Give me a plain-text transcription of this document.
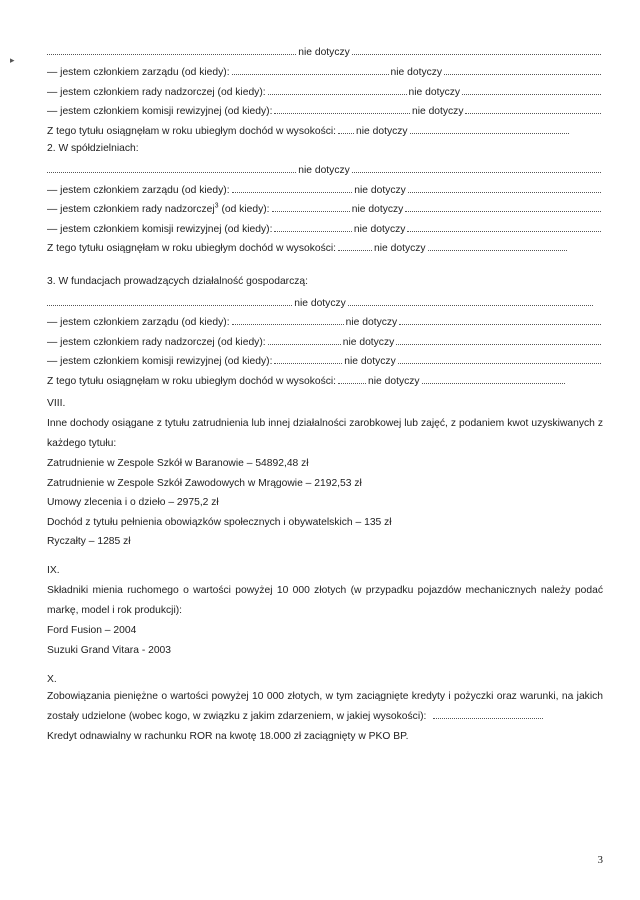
▸
nie dotyczy
— jestem członkiem zarządu (od kiedy):	nie dotyczy
— jestem członkiem rady nadzorczej (od kiedy):	nie dotyczy
— jestem członkiem komisji rewizyjnej (od kiedy):	nie dotyczy
Z tego tytułu osiągnęłam w roku ubiegłym dochód w wysokości: nie dotyczy
2. W spółdzielniach:
nie dotyczy
— jestem członkiem zarządu (od kiedy):	nie dotyczy
— jestem członkiem rady nadzorczej$^3$ (od kiedy):	nie dotyczy
— jestem członkiem komisji rewizyjnej (od kiedy):	nie dotyczy
Z tego tytułu osiągnęłam w roku ubiegłym dochód w wysokości:	nie dotyczy
3. W fundacjach prowadzących działalność gospodarczą:
nie dotyczy
— jestem członkiem zarządu (od kiedy):	nie dotyczy
— jestem członkiem rady nadzorczej (od kiedy):	nie dotyczy
— jestem członkiem komisji rewizyjnej (od kiedy):	nie dotyczy
Z tego tytułu osiągnęłam w roku ubiegłym dochód w wysokości:	nie dotyczy
VIII.
Inne dochody osiągane z tytułu zatrudnienia lub innej działalności zarobkowej lub zajęć, z podaniem kwot uzyskiwanych z każdego tytułu:
Zatrudnienie w Zespole Szkół w Baranowie – 54892,48 zł
Zatrudnienie w Zespole Szkół Zawodowych w Mrągowie – 2192,53 zł
Umowy zlecenia i o dzieło – 2975,2 zł
Dochód z tytułu pełnienia obowiązków społecznych i obywatelskich – 135 zł
Ryczałty – 1285 zł
IX.
Składniki mienia ruchomego o wartości powyżej 10 000 złotych (w przypadku pojazdów mechanicznych należy podać markę, model i rok produkcji):
Ford Fusion – 2004
Suzuki Grand Vitara - 2003
X.
Zobowiązania pieniężne o wartości powyżej 10 000 złotych, w tym zaciągnięte kredyty i pożyczki oraz warunki, na jakich zostały udzielone (wobec kogo, w związku z jakim zdarzeniem, w jakiej wysokości):
Kredyt odnawialny w rachunku ROR na kwotę 18.000 zł zaciągnięty w PKO BP.
3
